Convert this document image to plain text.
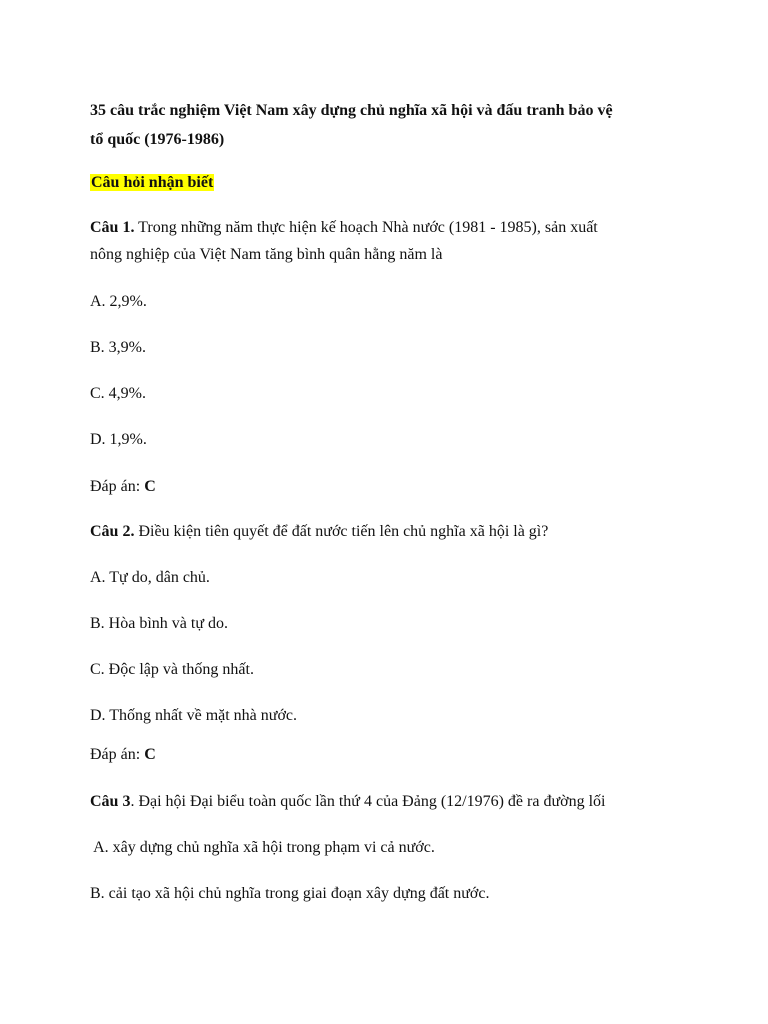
35 câu trắc nghiệm Việt Nam xây dựng chủ nghĩa xã hội và đấu tranh bảo vệ
tổ quốc (1976-1986)
Câu hỏi nhận biết
Câu 1. Trong những năm thực hiện kế hoạch Nhà nước (1981 - 1985), sản xuất
nông nghiệp của Việt Nam tăng bình quân hằng năm là
A. 2,9%.
B. 3,9%.
C. 4,9%.
D. 1,9%.
Đáp án: C
Câu 2. Điều kiện tiên quyết để đất nước tiến lên chủ nghĩa xã hội là gì?
A. Tự do, dân chủ.
B. Hòa bình và tự do.
C. Độc lập và thống nhất.
D. Thống nhất về mặt nhà nước.
Đáp án: C
Câu 3. Đại hội Đại biểu toàn quốc lần thứ 4 của Đảng (12/1976) đề ra đường lối
A. xây dựng chủ nghĩa xã hội trong phạm vi cả nước.
B. cải tạo xã hội chủ nghĩa trong giai đoạn xây dựng đất nước.
